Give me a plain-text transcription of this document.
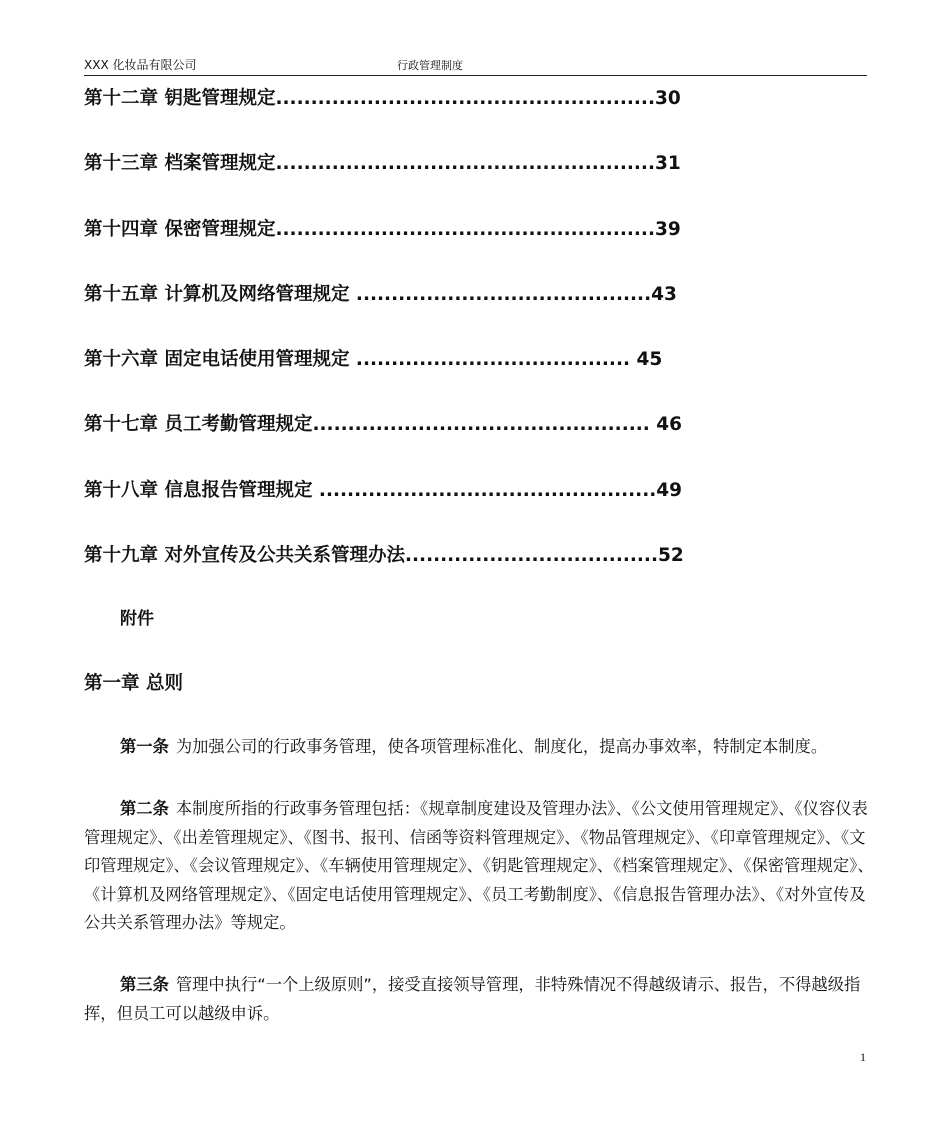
XXX 化妆品有限公司	行政管理制度
第十二章 钥匙管理规定......................................................30
第十三章 档案管理规定......................................................31
第十四章 保密管理规定......................................................39
第十五章 计算机及网络管理规定 ..........................................43
第十六章 固定电话使用管理规定 ....................................... 45
第十七章 员工考勤管理规定................................................ 46
第十八章 信息报告管理规定 ................................................49
第十九章 对外宣传及公共关系管理办法....................................52
附件
第一章 总则
第一条 为加强公司的行政事务管理，使各项管理标准化、制度化，提高办事效率，特制定本制度。
第二条 本制度所指的行政事务管理包括：《规章制度建设及管理办法》、《公文使用管理规定》、《仪容仪表管理规定》、《出差管理规定》、《图书、报刊、信函等资料管理规定》、《物品管理规定》、《印章管理规定》、《文印管理规定》、《会议管理规定》、《车辆使用管理规定》、《钥匙管理规定》、《档案管理规定》、《保密管理规定》、《计算机及网络管理规定》、《固定电话使用管理规定》、《员工考勤制度》、《信息报告管理办法》、《对外宣传及公共关系管理办法》等规定。
第三条 管理中执行“一个上级原则”，接受直接领导管理，非特殊情况不得越级请示、报告，不得越级指挥，但员工可以越级申诉。
1
